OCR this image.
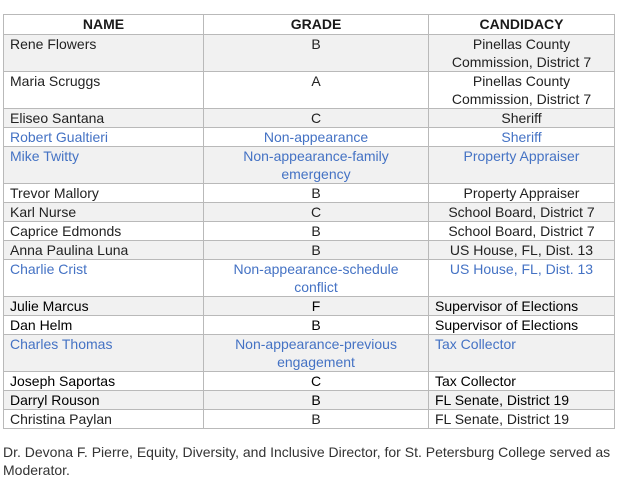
NAME	GRADE	CANDIDACY
Rene Flowers	B	Pinellas County Commission, District 7
Maria Scruggs	A	Pinellas County Commission, District 7
Eliseo Santana	C	Sheriff
Robert Gualtieri	Non-appearance	Sheriff
Mike Twitty	Non-appearance-family emergency	Property Appraiser
Trevor Mallory	B	Property Appraiser
Karl Nurse	C	School Board, District 7
Caprice Edmonds	B	School Board, District 7
Anna Paulina Luna	B	US House, FL, Dist. 13
Charlie Crist	Non-appearance-schedule conflict	US House, FL, Dist. 13
Julie Marcus	F	Supervisor of Elections
Dan Helm	B	Supervisor of Elections
Charles Thomas	Non-appearance-previous engagement	Tax Collector
Joseph Saportas	C	Tax Collector
Darryl Rouson	B	FL Senate, District 19
Christina Paylan	B	FL Senate, District 19

Dr. Devona F. Pierre, Equity, Diversity, and Inclusive Director, for St. Petersburg College served as Moderator.
